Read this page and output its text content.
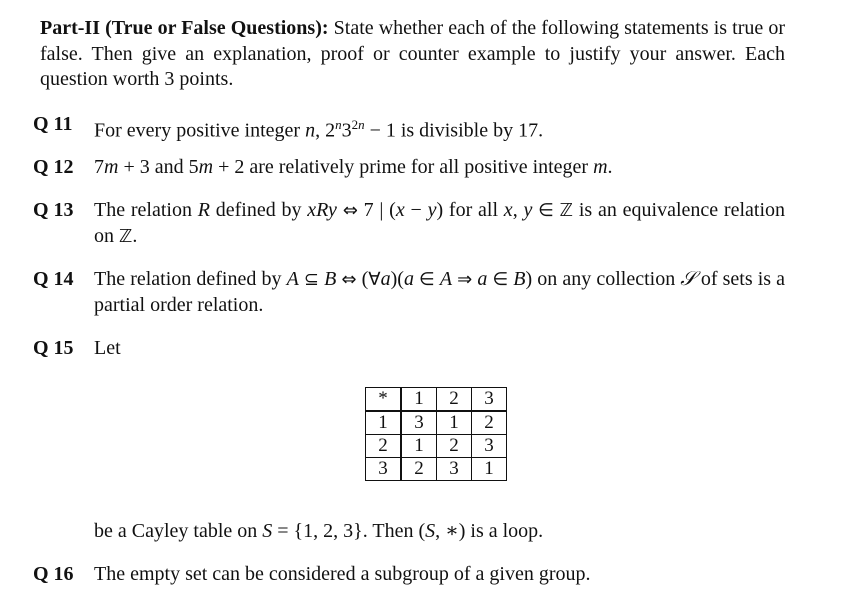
Part-II (True or False Questions): State whether each of the following statements is true or false. Then give an explanation, proof or counter example to justify your answer. Each question worth 3 points.
Q 11 For every positive integer n, $2^n3^{2n} - 1$ is divisible by 17.
Q 12 7m + 3 and 5m + 2 are relatively prime for all positive integer m.
Q 13 The relation R defined by xRy ⇔ 7 | (x − y) for all x, y ∈ ℤ is an equivalence relation on ℤ.
Q 14 The relation defined by A ⊆ B ⇔ (∀a)(a ∈ A ⇒ a ∈ B) on any collection 𝒮 of sets is a partial order relation.
Q 15 Let
*	1	2	3
1	3	1	2
2	1	2	3
3	2	3	1
be a Cayley table on S = {1, 2, 3}. Then (S, ∗) is a loop.
Q 16 The empty set can be considered a subgroup of a given group.
